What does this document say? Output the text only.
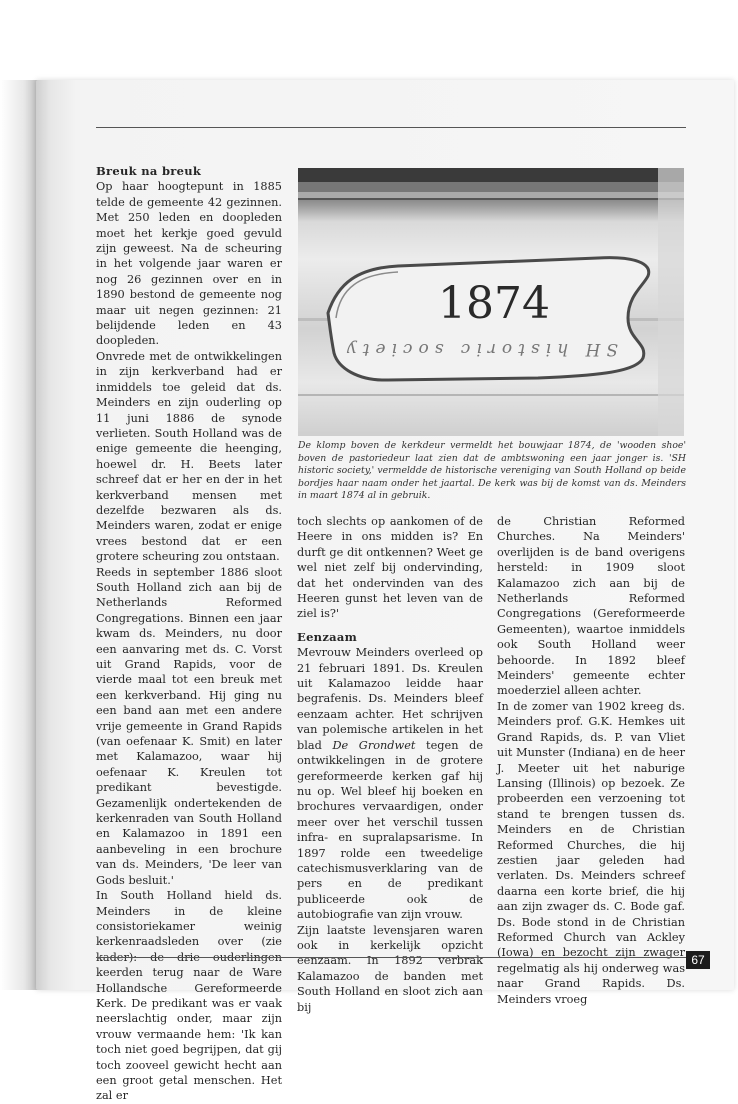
Breuk na breuk

Op haar hoogtepunt in 1885 telde de gemeente 42 gezinnen. Met 250 leden en doopleden moet het kerkje goed gevuld zijn geweest. Na de scheuring in het volgende jaar waren er nog 26 gezinnen over en in 1890 bestond de gemeente nog maar uit negen gezinnen: 21 belijdende leden en 43 doopleden.

Onvrede met de ontwikkelingen in zijn kerkverband had er inmiddels toe geleid dat ds. Meinders en zijn ouderling op 11 juni 1886 de synode verlieten. South Holland was de enige gemeente die heenging, hoewel dr. H. Beets later schreef dat er her en der in het kerkverband mensen met dezelfde bezwaren als ds. Meinders waren, zodat er enige vrees bestond dat er een grotere scheuring zou ontstaan.

Reeds in september 1886 sloot South Holland zich aan bij de Netherlands Reformed Congregations. Binnen een jaar kwam ds. Meinders, nu door een aanvaring met ds. C. Vorst uit Grand Rapids, voor de vierde maal tot een breuk met een kerkverband. Hij ging nu een band aan met een andere vrije gemeente in Grand Rapids (van oefenaar K. Smit) en later met Kalamazoo, waar hij oefenaar K. Kreulen tot predikant bevestigde. Gezamenlijk ondertekenden de kerkenraden van South Holland en Kalamazoo in 1891 een aanbeveling in een brochure van ds. Meinders, 'De leer van Gods besluit.'

In South Holland hield ds. Meinders in de kleine consistoriekamer weinig kerkenraadsleden over (zie kader): de drie ouderlingen keerden terug naar de Ware Hollandsche Gereformeerde Kerk. De predikant was er vaak neerslachtig onder, maar zijn vrouw vermaande hem: 'Ik kan toch niet goed begrijpen, dat gij toch zooveel gewicht hecht aan een groot getal menschen. Het zal er

1874
SH historic society

De klomp boven de kerkdeur vermeldt het bouwjaar 1874, de 'wooden shoe' boven de pastoriedeur laat zien dat de ambtswoning een jaar jonger is. 'SH historic society,' vermeldde de historische vereniging van South Holland op beide bordjes haar naam onder het jaartal. De kerk was bij de komst van ds. Meinders in maart 1874 al in gebruik.

toch slechts op aankomen of de Heere in ons midden is? En durft ge dit ontkennen? Weet ge wel niet zelf bij ondervinding, dat het ondervinden van des Heeren gunst het leven van de ziel is?'

Eenzaam

Mevrouw Meinders overleed op 21 februari 1891. Ds. Kreulen uit Kalamazoo leidde haar begrafenis. Ds. Meinders bleef eenzaam achter. Het schrijven van polemische artikelen in het blad De Grondwet tegen de ontwikkelingen in de grotere gereformeerde kerken gaf hij nu op. Wel bleef hij boeken en brochures vervaardigen, onder meer over het verschil tussen infra- en supralapsarisme. In 1897 rolde een tweedelige catechismusverklaring van de pers en de predikant publiceerde ook de autobiografie van zijn vrouw.

Zijn laatste levensjaren waren ook in kerkelijk opzicht eenzaam. In 1892 verbrak Kalamazoo de banden met South Holland en sloot zich aan bij

de Christian Reformed Churches. Na Meinders' overlijden is de band overigens hersteld: in 1909 sloot Kalamazoo zich aan bij de Netherlands Reformed Congregations (Gereformeerde Gemeenten), waartoe inmiddels ook South Holland weer behoorde. In 1892 bleef Meinders' gemeente echter moederziel alleen achter.

In de zomer van 1902 kreeg ds. Meinders prof. G.K. Hemkes uit Grand Rapids, ds. P. van Vliet uit Munster (Indiana) en de heer J. Meeter uit het naburige Lansing (Illinois) op bezoek. Ze probeerden een verzoening tot stand te brengen tussen ds. Meinders en de Christian Reformed Churches, die hij zestien jaar geleden had verlaten. Ds. Meinders schreef daarna een korte brief, die hij aan zijn zwager ds. C. Bode gaf. Ds. Bode stond in de Christian Reformed Church van Ackley (Iowa) en bezocht zijn zwager regelmatig als hij onderweg was naar Grand Rapids. Ds. Meinders vroeg

67
